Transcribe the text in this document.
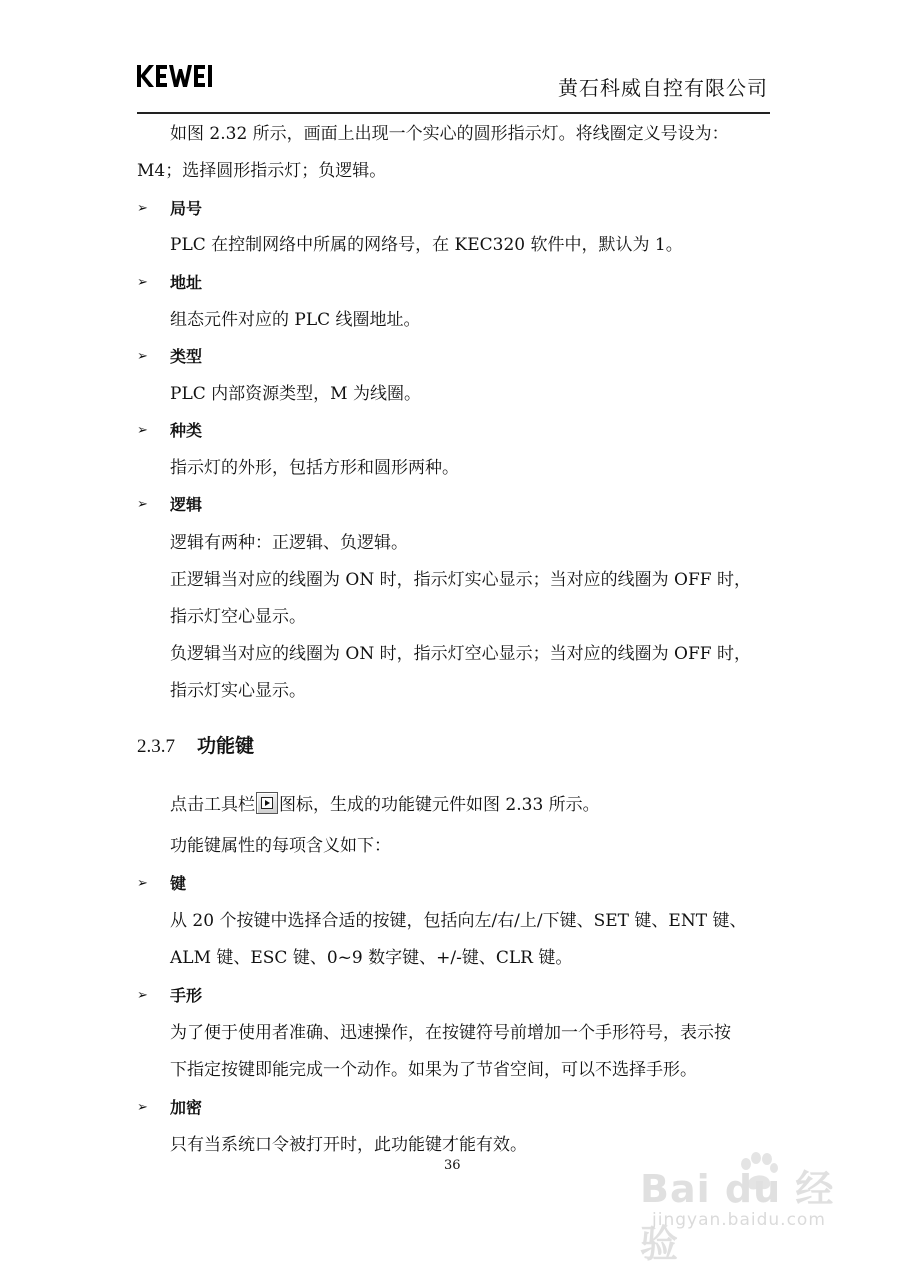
黄石科威自控有限公司
如图 2.32 所示，画面上出现一个实心的圆形指示灯。将线圈定义号设为：
M4；选择圆形指示灯；负逻辑。
➢ 局号
PLC 在控制网络中所属的网络号，在 KEC320 软件中，默认为 1。
➢ 地址
组态元件对应的 PLC 线圈地址。
➢ 类型
PLC 内部资源类型，M 为线圈。
➢ 种类
指示灯的外形，包括方形和圆形两种。
➢ 逻辑
逻辑有两种：正逻辑、负逻辑。
正逻辑当对应的线圈为 ON 时，指示灯实心显示；当对应的线圈为 OFF 时，
指示灯空心显示。
负逻辑当对应的线圈为 ON 时，指示灯空心显示；当对应的线圈为 OFF 时，
指示灯实心显示。
2.3.7 功能键
点击工具栏 图标，生成的功能键元件如图 2.33 所示。
功能键属性的每项含义如下：
➢ 键
从 20 个按键中选择合适的按键，包括向左/右/上/下键、SET 键、ENT 键、
ALM 键、ESC 键、0~9 数字键、+/-键、CLR 键。
➢ 手形
为了便于使用者准确、迅速操作，在按键符号前增加一个手形符号，表示按
下指定按键即能完成一个动作。如果为了节省空间，可以不选择手形。
➢ 加密
只有当系统口令被打开时，此功能键才能有效。
36
Bai du 经验
jingyan.baidu.com
